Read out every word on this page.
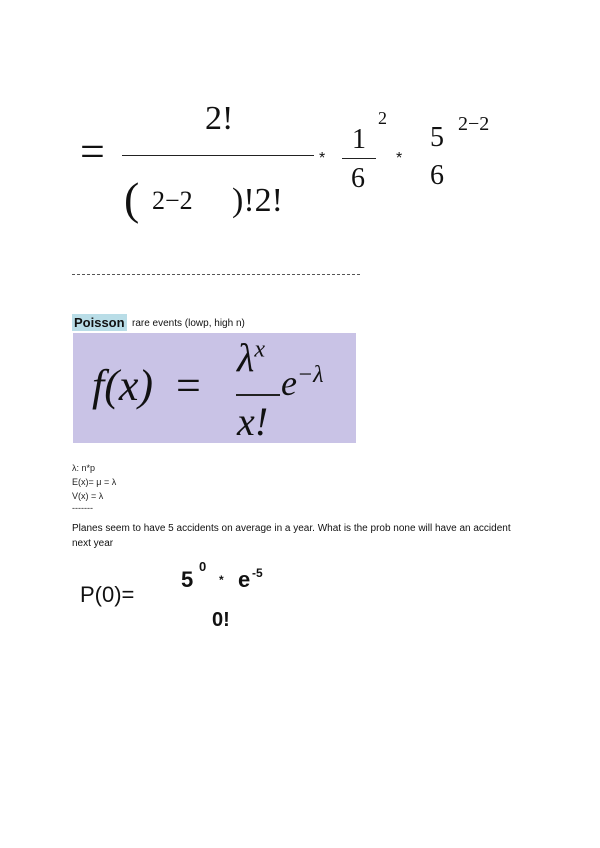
=
2!
( 2−2 )!2!
*
1
6
2
*
5
6
2−2
Poisson rare events (lowp, high n)
f(x) =
$\lambda^x$
x!
$e^{-\lambda}$
λ: n*p
E(x)= μ = λ
V(x) = λ
-------
Planes seem to have 5 accidents on average in a year. What is the prob none will have an accident next year
P(0)=
5
0
* e -5
0!
